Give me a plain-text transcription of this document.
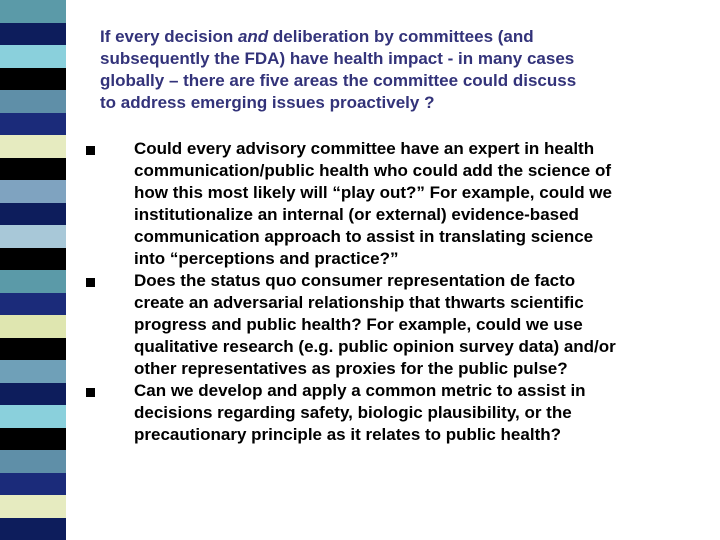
If every decision and deliberation by committees (and
subsequently the FDA) have health impact - in many cases
globally – there are five areas the committee could discuss
to address emerging issues proactively ?

Could every advisory committee have an expert in health
communication/public health who could add the science of
how this most likely will “play out?” For example, could we
institutionalize an internal (or external) evidence-based
communication approach to assist in translating science
into “perceptions and practice?”
Does the status quo consumer representation de facto
create an adversarial relationship that thwarts scientific
progress and public health? For example, could we use
qualitative research (e.g. public opinion survey data) and/or
other representatives as proxies for the public pulse?
Can we develop and apply a common metric to assist in
decisions regarding safety, biologic plausibility, or the
precautionary principle as it relates to public health?
